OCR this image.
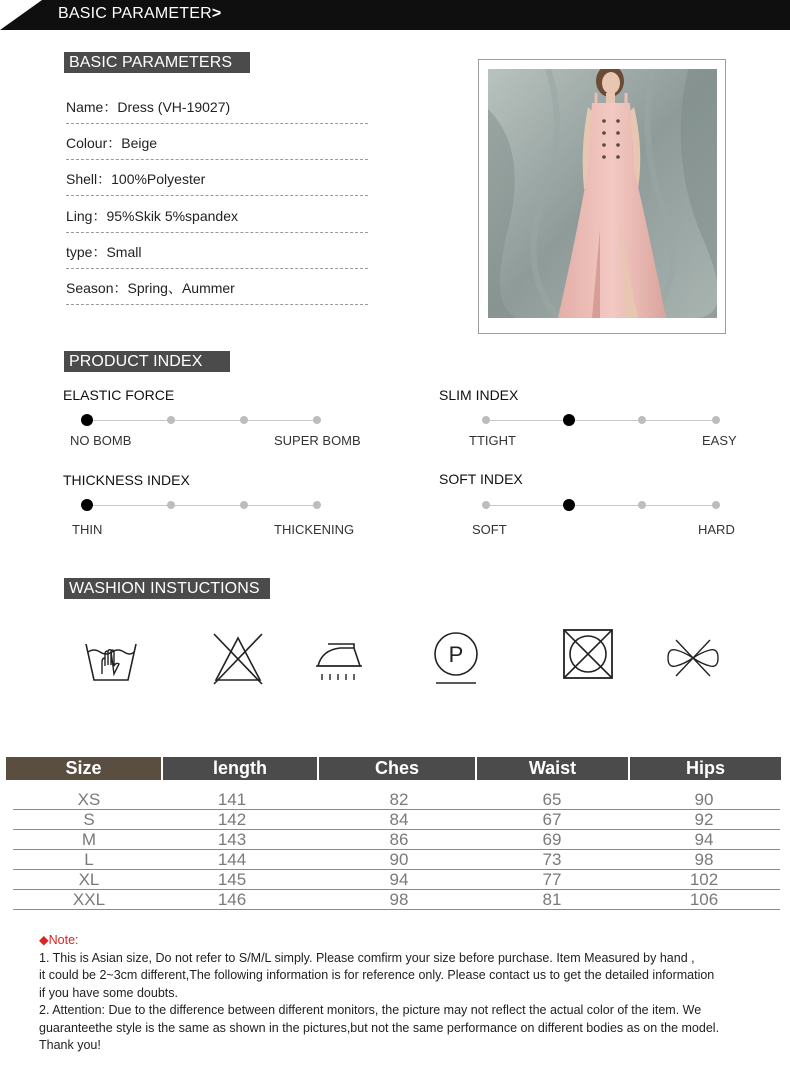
BASIC PARAMETER>
BASIC PARAMETERS
Name：Dress (VH-19027)
Colour：Beige
Shell：100%Polyester
Ling：95%Skik 5%spandex
type：Small
Season：Spring、Aummer
PRODUCT INDEX
ELASTIC FORCE
NO BOMB	SUPER BOMB
SLIM INDEX
TTIGHT	EASY
THICKNESS INDEX
THIN	THICKENING
SOFT INDEX
SOFT	HARD
WASHION INSTUCTIONS
P
Size	length	Ches	Waist	Hips
XS	141	82	65	90
S	142	84	67	92
M	143	86	69	94
L	144	90	73	98
XL	145	94	77	102
XXL	146	98	81	106

◆Note:

1. This is Asian size, Do not refer to S/M/L simply. Please comfirm your size before purchase. Item Measured by hand ,

it could be 2~3cm different,The following information is for reference only. Please contact us to get the detailed information

if you have some doubts.

2. Attention: Due to the difference between different monitors, the picture may not reflect the actual color of the item. We

guaranteethe style is the same as shown in the pictures,but not the same performance on different bodies as on the model.

Thank you!
